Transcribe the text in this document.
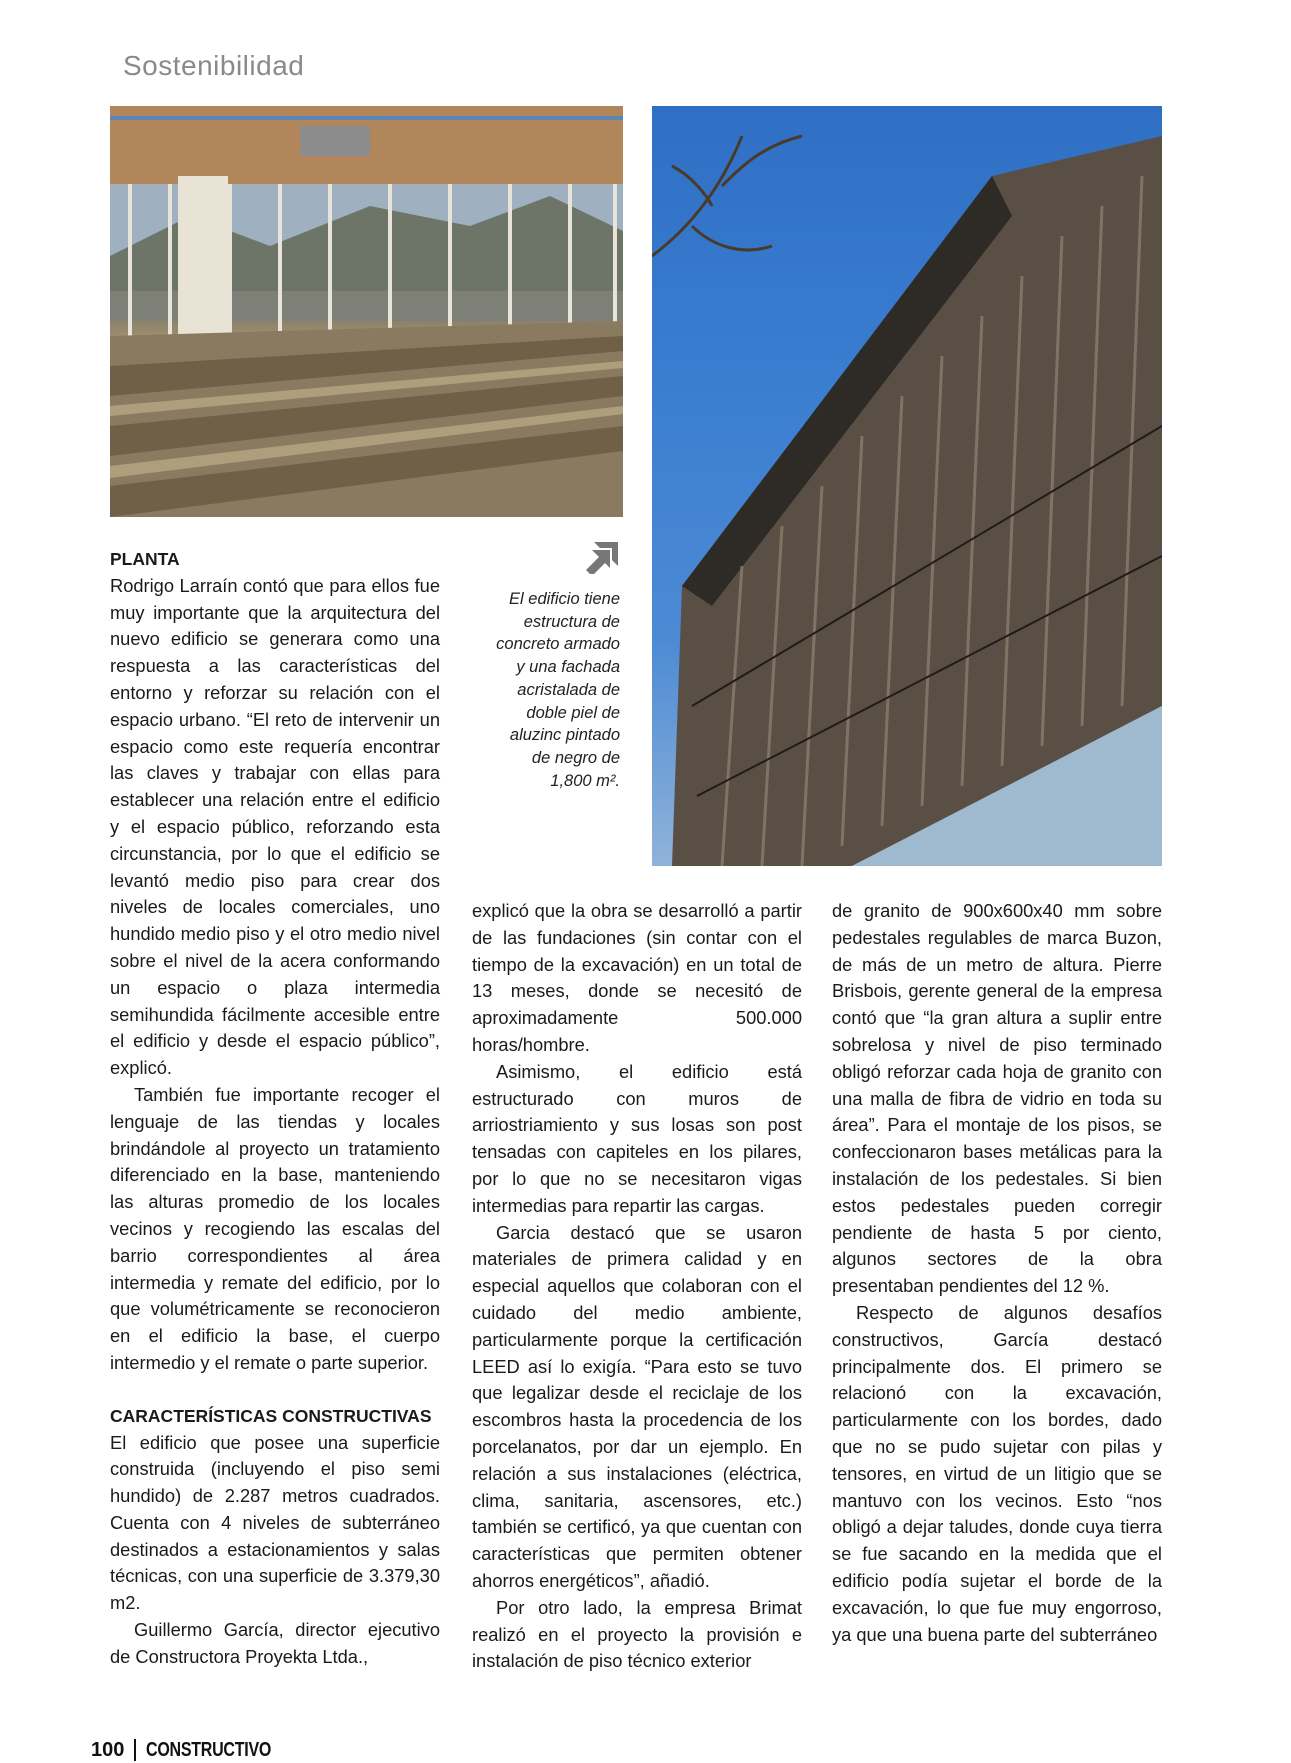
Sostenibilidad

PLANTA

Rodrigo Larraín contó que para ellos fue muy importante que la arquitectura del nuevo edificio se generara como una respuesta a las características del entorno y reforzar su relación con el espacio urbano. “El reto de intervenir un espacio como este requería encontrar las claves y trabajar con ellas para establecer una relación entre el edificio y el espacio público, reforzando esta circunstancia, por lo que el edificio se levantó medio piso para crear dos niveles de locales comerciales, uno hundido medio piso y el otro medio nivel sobre el nivel de la acera conformando un espacio o plaza intermedia semihundida fácilmente accesible entre el edificio y desde el espacio público”, explicó.

También fue importante recoger el lenguaje de las tiendas y locales brindándole al proyecto un tratamiento diferenciado en la base, manteniendo las alturas promedio de los locales vecinos y recogiendo las escalas del barrio correspondientes al área intermedia y remate del edificio, por lo que volumétricamente se reconocieron en el edificio la base, el cuerpo intermedio y el remate o parte superior.

CARACTERÍSTICAS CONSTRUCTIVAS

El edificio que posee una superficie construida (incluyendo el piso semi hundido) de 2.287 metros cuadrados. Cuenta con 4 niveles de subterráneo destinados a estacionamientos y salas técnicas, con una superficie de 3.379,30 m2.

Guillermo García, director ejecutivo de Constructora Proyekta Ltda.,

El edificio tiene
estructura de
concreto armado
y una fachada
acristalada de
doble piel de
aluzinc pintado
de negro de
1,800 m².

explicó que la obra se desarrolló a partir de las fundaciones (sin contar con el tiempo de la excavación) en un total de 13 meses, donde se necesitó de aproximadamente 500.000 horas/hombre.

Asimismo, el edificio está estructurado con muros de arriostriamiento y sus losas son post tensadas con capiteles en los pilares, por lo que no se necesitaron vigas intermedias para repartir las cargas.

Garcia destacó que se usaron materiales de primera calidad y en especial aquellos que colaboran con el cuidado del medio ambiente, particularmente porque la certificación LEED así lo exigía. “Para esto se tuvo que legalizar desde el reciclaje de los escombros hasta la procedencia de los porcelanatos, por dar un ejemplo. En relación a sus instalaciones (eléctrica, clima, sanitaria, ascensores, etc.) también se certificó, ya que cuentan con características que permiten obtener ahorros energéticos”, añadió.

Por otro lado, la empresa Brimat realizó en el proyecto la provisión e instalación de piso técnico exterior

de granito de 900x600x40 mm sobre pedestales regulables de marca Buzon, de más de un metro de altura. Pierre Brisbois, gerente general de la empresa contó que “la gran altura a suplir entre sobrelosa y nivel de piso terminado obligó reforzar cada hoja de granito con una malla de fibra de vidrio en toda su área”. Para el montaje de los pisos, se confeccionaron bases metálicas para la instalación de los pedestales. Si bien estos pedestales pueden corregir pendiente de hasta 5 por ciento, algunos sectores de la obra presentaban pendientes del 12 %.

Respecto de algunos desafíos constructivos, García destacó principalmente dos. El primero se relacionó con la excavación, particularmente con los bordes, dado que no se pudo sujetar con pilas y tensores, en virtud de un litigio que se mantuvo con los vecinos. Esto “nos obligó a dejar taludes, donde cuya tierra se fue sacando en la medida que el edificio podía sujetar el borde de la excavación, lo que fue muy engorroso, ya que una buena parte del subterráneo

100 CONSTRUCTIVO
